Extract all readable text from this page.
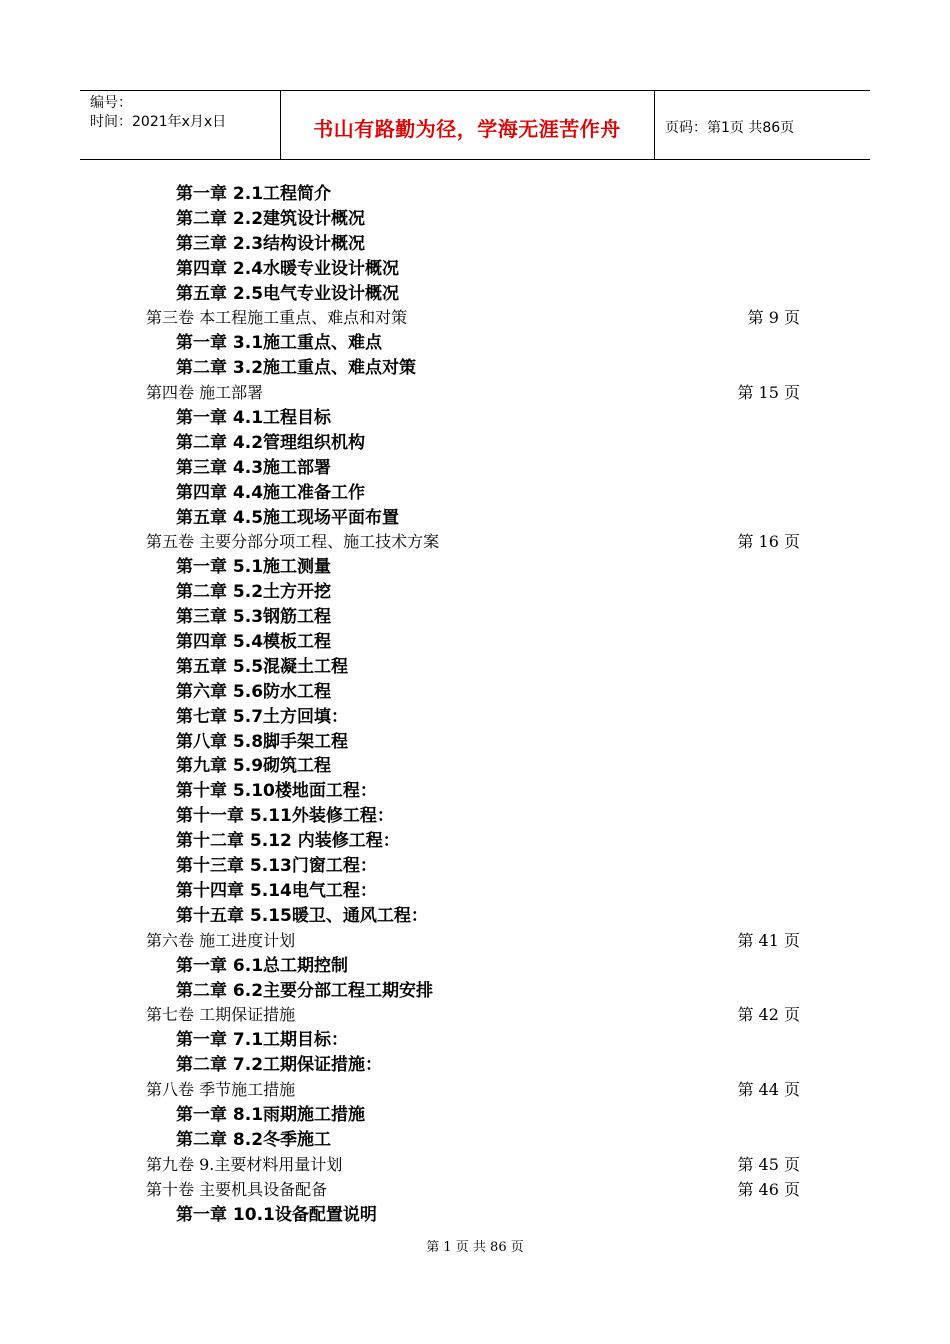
编号：
时间：2021年x月x日	书山有路勤为径，学海无涯苦作舟	页码：第1页 共86页
第一章 2.1工程简介
第二章 2.2建筑设计概况
第三章 2.3结构设计概况
第四章 2.4水暖专业设计概况
第五章 2.5电气专业设计概况
第三卷 本工程施工重点、难点和对策	第 9 页
第一章 3.1施工重点、难点
第二章 3.2施工重点、难点对策
第四卷 施工部署	第 15 页
第一章 4.1工程目标
第二章 4.2管理组织机构
第三章 4.3施工部署
第四章 4.4施工准备工作
第五章 4.5施工现场平面布置
第五卷 主要分部分项工程、施工技术方案	第 16 页
第一章 5.1施工测量
第二章 5.2土方开挖
第三章 5.3钢筋工程
第四章 5.4模板工程
第五章 5.5混凝土工程
第六章 5.6防水工程
第七章 5.7土方回填：
第八章 5.8脚手架工程
第九章 5.9砌筑工程
第十章 5.10楼地面工程：
第十一章 5.11外装修工程：
第十二章 5.12 内装修工程：
第十三章 5.13门窗工程：
第十四章 5.14电气工程：
第十五章 5.15暖卫、通风工程：
第六卷 施工进度计划	第 41 页
第一章 6.1总工期控制
第二章 6.2主要分部工程工期安排
第七卷 工期保证措施	第 42 页
第一章 7.1工期目标：
第二章 7.2工期保证措施：
第八卷 季节施工措施	第 44 页
第一章 8.1雨期施工措施
第二章 8.2冬季施工
第九卷 9.主要材料用量计划	第 45 页
第十卷 主要机具设备配备	第 46 页
第一章 10.1设备配置说明
第 1 页 共 86 页
